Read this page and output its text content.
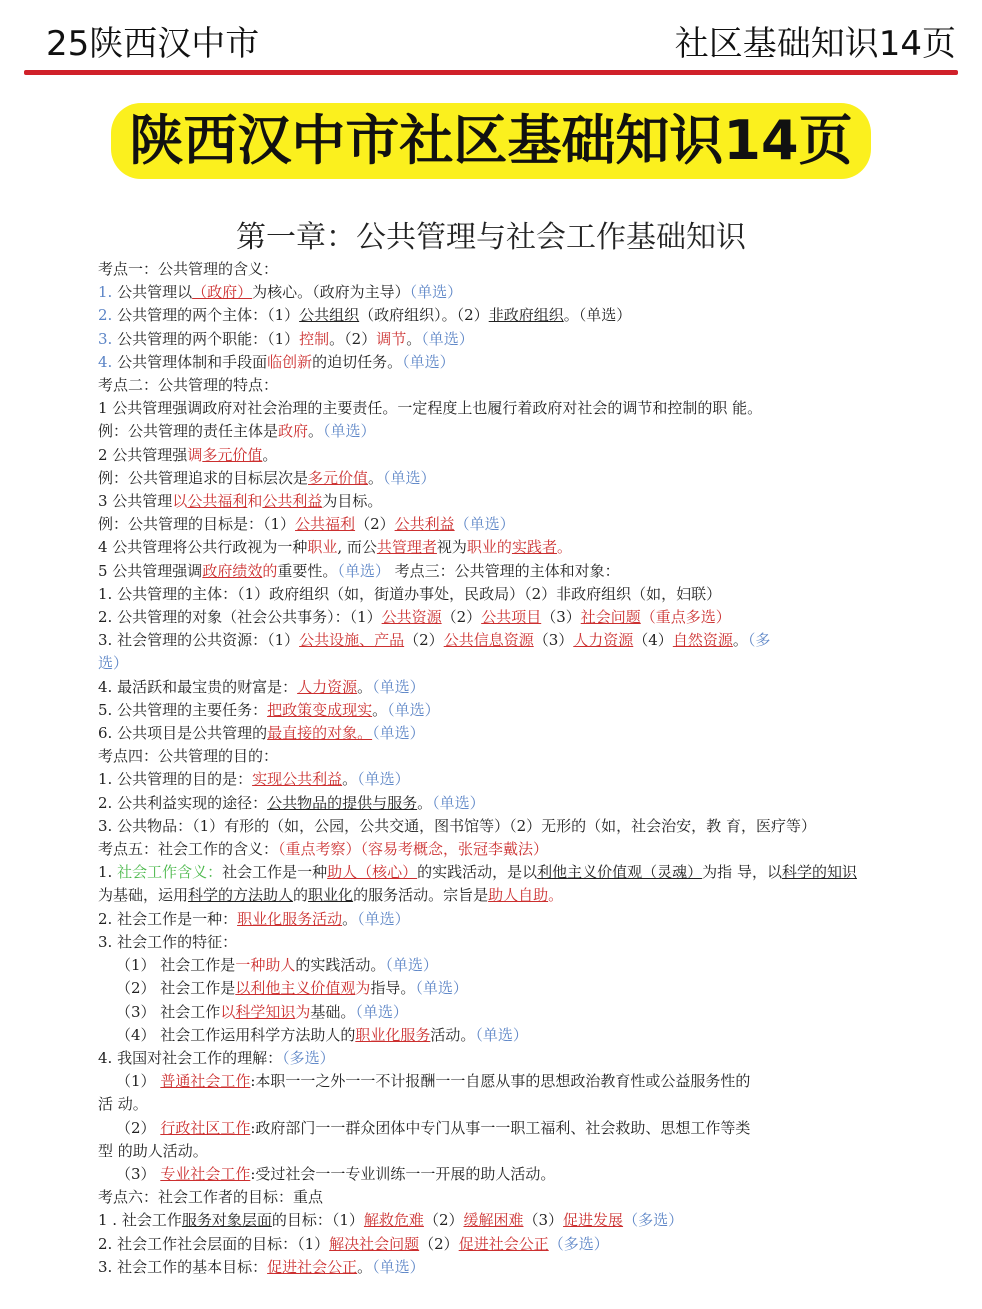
25陕西汉中市	社区基础知识14页
陕西汉中市社区基础知识14页
第一章：公共管理与社会工作基础知识
考点一：公共管理的含义：
1. 公共管理以（政府）为核心。（政府为主导）（单选）
2. 公共管理的两个主体：（1）公共组织（政府组织）。（2）非政府组织。（单选）
3. 公共管理的两个职能：（1）控制。（2）调节。（单选）
4. 公共管理体制和手段面临创新的迫切任务。（单选）
考点二：公共管理的特点：
1 公共管理强调政府对社会治理的主要责任。一定程度上也履行着政府对社会的调节和控制的职 能。
例：公共管理的责任主体是政府。（单选）
2 公共管理强调多元价值。
例：公共管理追求的目标层次是多元价值。（单选）
3 公共管理以公共福利和公共利益为目标。
例：公共管理的目标是：（1）公共福利（2）公共利益（单选）
4 公共管理将公共行政视为一种职业, 而公共管理者视为职业的实践者。
5 公共管理强调政府绩效的重要性。（单选） 考点三：公共管理的主体和对象：
1. 公共管理的主体：（1）政府组织（如，街道办事处，民政局）（2）非政府组织（如，妇联）
2. 公共管理的对象（社会公共事务）：（1）公共资源（2）公共项目（3）社会问题（重点多选）
3. 社会管理的公共资源：（1）公共设施、产品（2）公共信息资源（3）人力资源（4）自然资源。（多
选）
4. 最活跃和最宝贵的财富是：人力资源。（单选）
5. 公共管理的主要任务：把政策变成现实。（单选）
6. 公共项目是公共管理的最直接的对象。（单选）
考点四：公共管理的目的：
1. 公共管理的目的是：实现公共利益。（单选）
2. 公共利益实现的途径：公共物品的提供与服务。（单选）
3. 公共物品：（1）有形的（如，公园，公共交通，图书馆等）（2）无形的（如，社会治安，教 育，医疗等）
考点五：社会工作的含义：（重点考察）（容易考概念，张冠李戴法）
1. 社会工作含义：社会工作是一种助人（核心）的实践活动，是以利他主义价值观（灵魂）为指 导，以科学的知识为基础，运用科学的方法助人的职业化的服务活动。宗旨是助人自助。
2. 社会工作是一种：职业化服务活动。（单选）
3. 社会工作的特征：
（1） 社会工作是一种助人的实践活动。（单选）
（2） 社会工作是以利他主义价值观为指导。（单选）
（3） 社会工作以科学知识为基础。（单选）
（4） 社会工作运用科学方法助人的职业化服务活动。（单选）
4. 我国对社会工作的理解：（多选）
（1） 普通社会工作:本职一一之外一一不计报酬一一自愿从事的思想政治教育性或公益服务性的
活 动。
（2） 行政社区工作:政府部门一一群众团体中专门从事一一职工福利、社会救助、思想工作等类
型 的助人活动。
（3） 专业社会工作:受过社会一一专业训练一一开展的助人活动。
考点六：社会工作者的目标：重点
1 . 社会工作服务对象层面的目标：（1）解救危难（2）缓解困难（3）促进发展（多选）
2. 社会工作社会层面的目标：（1）解决社会问题（2）促进社会公正（多选）
3. 社会工作的基本目标：促进社会公正。（单选）
